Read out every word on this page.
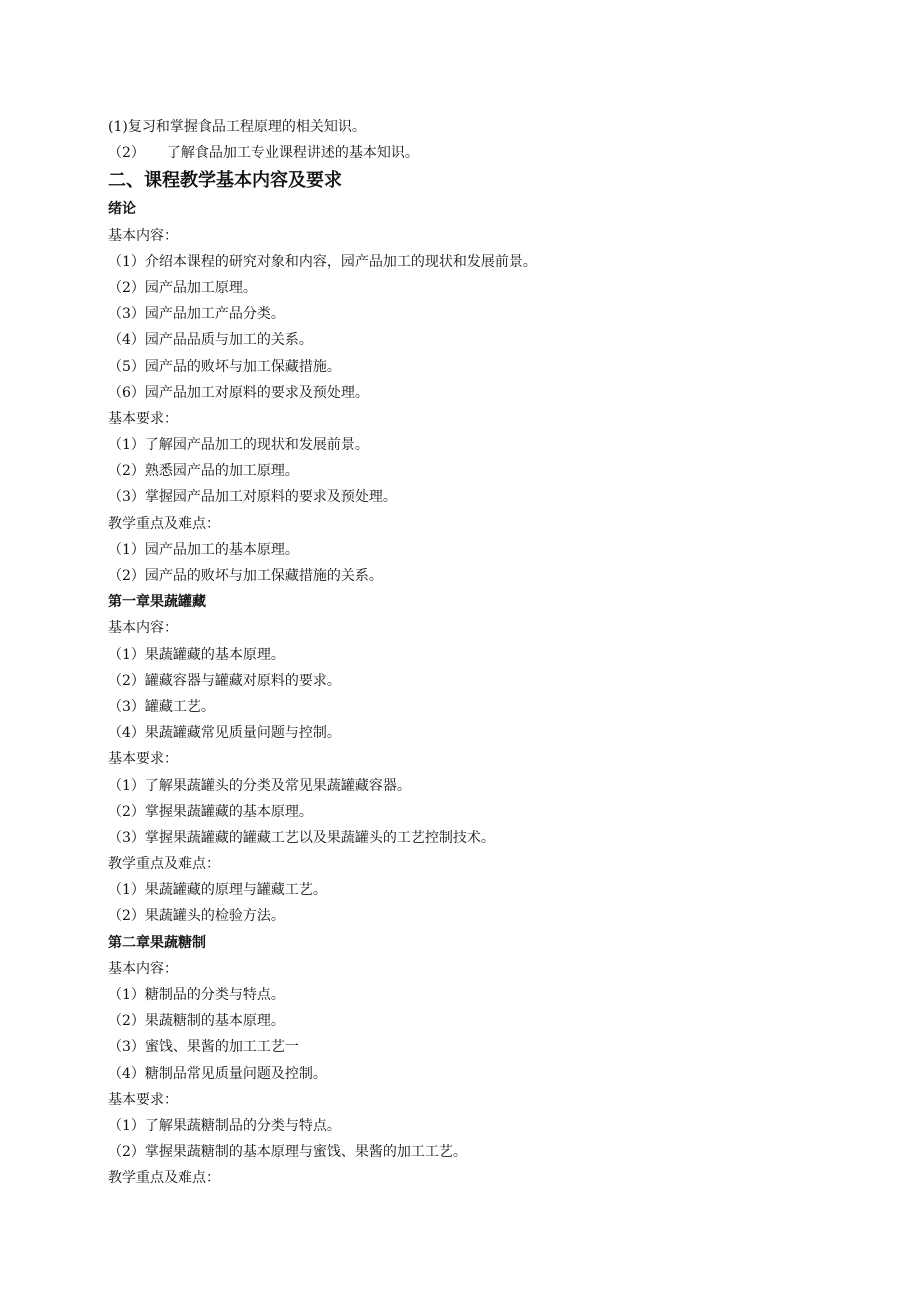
(1)复习和掌握食品工程原理的相关知识。
（2） 了解食品加工专业课程讲述的基本知识。
二、课程教学基本内容及要求
绪论
基本内容：
（1）介绍本课程的研究对象和内容，园产品加工的现状和发展前景。
（2）园产品加工原理。
（3）园产品加工产品分类。
（4）园产品品质与加工的关系。
（5）园产品的败坏与加工保藏措施。
（6）园产品加工对原料的要求及预处理。
基本要求：
（1）了解园产品加工的现状和发展前景。
（2）熟悉园产品的加工原理。
（3）掌握园产品加工对原料的要求及预处理。
教学重点及难点：
（1）园产品加工的基本原理。
（2）园产品的败坏与加工保藏措施的关系。
第一章果蔬罐藏
基本内容：
（1）果蔬罐藏的基本原理。
（2）罐藏容器与罐藏对原料的要求。
（3）罐藏工艺。
（4）果蔬罐藏常见质量问题与控制。
基本要求：
（1）了解果蔬罐头的分类及常见果蔬罐藏容器。
（2）掌握果蔬罐藏的基本原理。
（3）掌握果蔬罐藏的罐藏工艺以及果蔬罐头的工艺控制技术。
教学重点及难点：
（1）果蔬罐藏的原理与罐藏工艺。
（2）果蔬罐头的检验方法。
第二章果蔬糖制
基本内容：
（1）糖制品的分类与特点。
（2）果蔬糖制的基本原理。
（3）蜜饯、果酱的加工工艺一
（4）糖制品常见质量问题及控制。
基本要求：
（1）了解果蔬糖制品的分类与特点。
（2）掌握果蔬糖制的基本原理与蜜饯、果酱的加工工艺。
教学重点及难点：
